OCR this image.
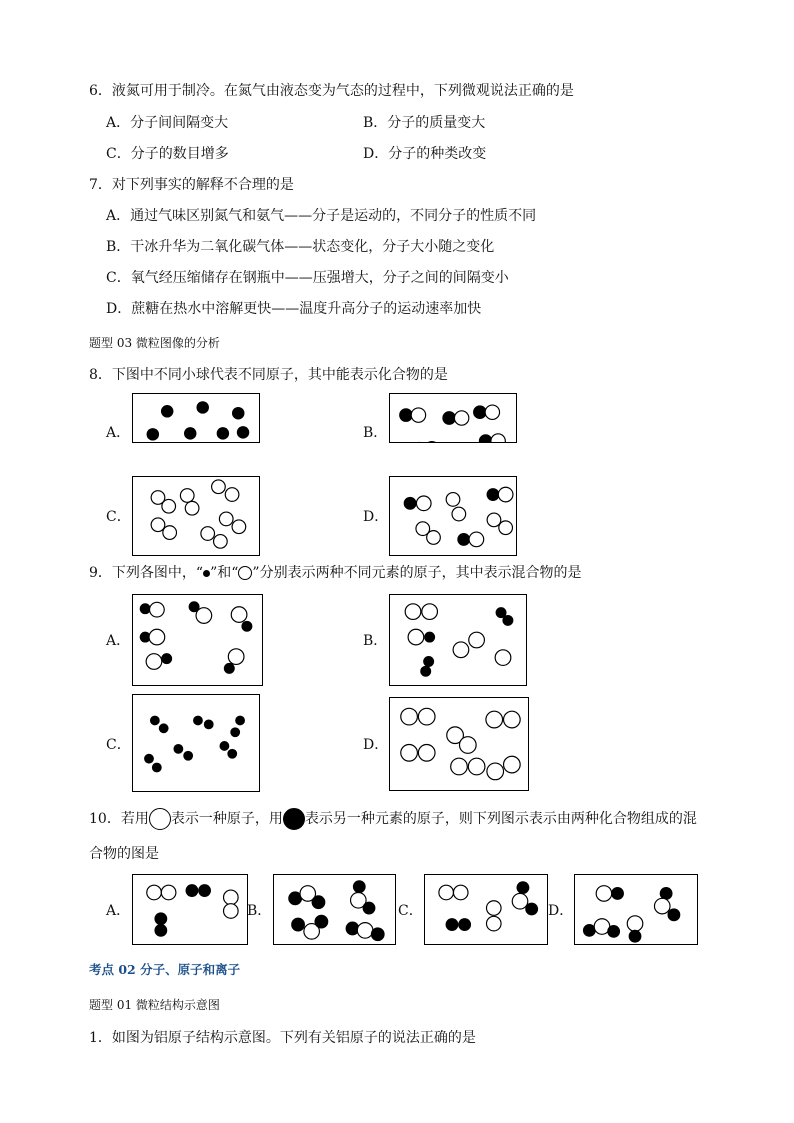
6．液氮可用于制冷。在氮气由液态变为气态的过程中，下列微观说法正确的是
A．分子间间隔变大	B．分子的质量变大
C．分子的数目增多	D．分子的种类改变
7．对下列事实的解释不合理的是
A．通过气味区别氮气和氨气——分子是运动的，不同分子的性质不同
B．干冰升华为二氧化碳气体——状态变化，分子大小随之变化
C．氧气经压缩储存在钢瓶中——压强增大，分子之间的间隔变小
D．蔗糖在热水中溶解更快——温度升高分子的运动速率加快
题型 03 微粒图像的分析
8．下图中不同小球代表不同原子，其中能表示化合物的是
A．	B．
C．	D．
9．下列各图中，“ ”和“ ”分别表示两种不同元素的原子，其中表示混合物的是
A．	B．
C．	D．
10．若用 表示一种原子，用 表示另一种元素的原子，则下列图示表示由两种化合物组成的混
合物的图是
A．	B．	C．	D．
考点 02 分子、原子和离子
题型 01 微粒结构示意图
1．如图为铝原子结构示意图。下列有关铝原子的说法正确的是
